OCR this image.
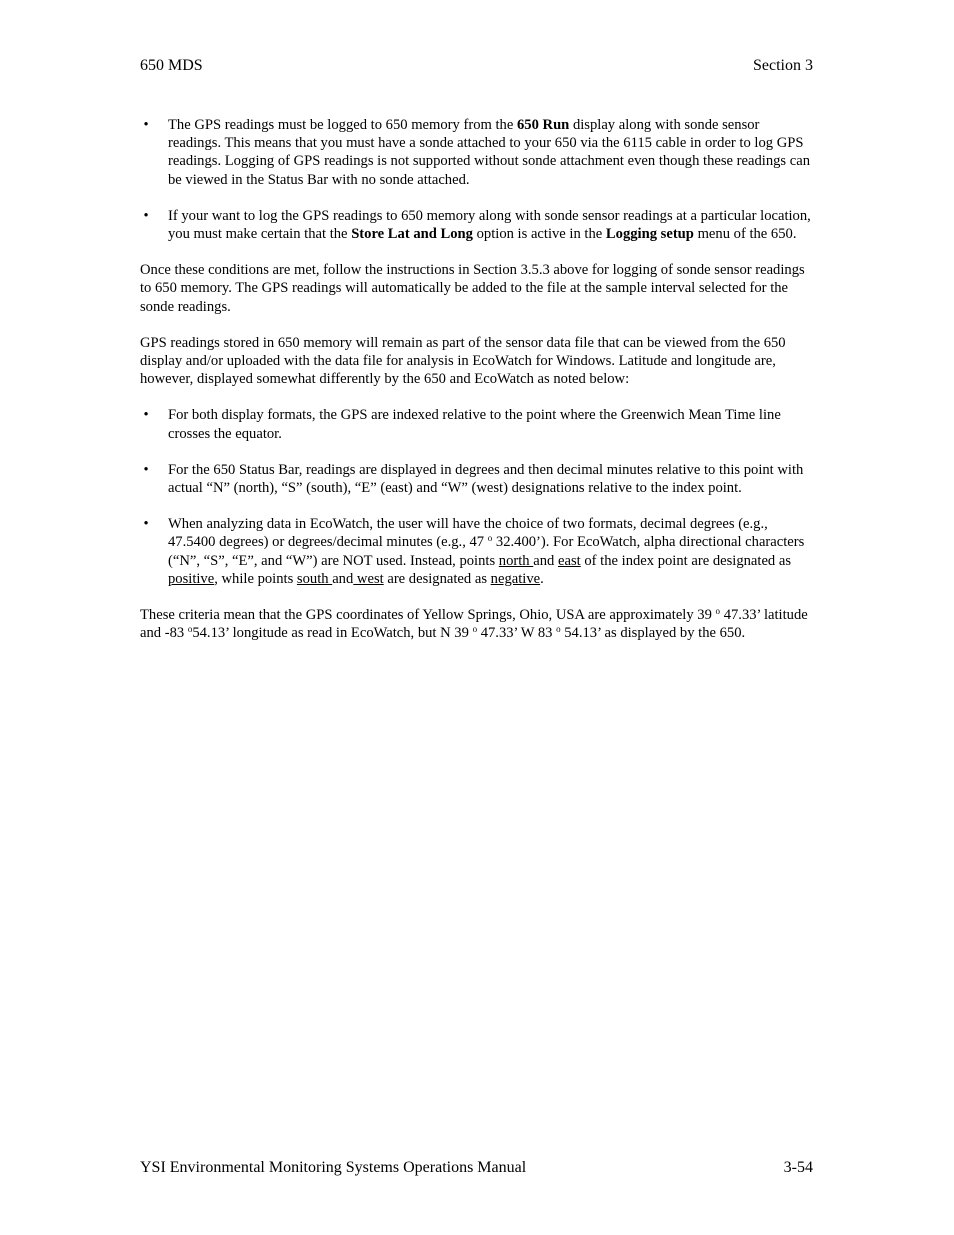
650 MDS	Section 3
• The GPS readings must be logged to 650 memory from the 650 Run display along with sonde sensor readings. This means that you must have a sonde attached to your 650 via the 6115 cable in order to log GPS readings. Logging of GPS readings is not supported without sonde attachment even though these readings can be viewed in the Status Bar with no sonde attached.
• If your want to log the GPS readings to 650 memory along with sonde sensor readings at a particular location, you must make certain that the Store Lat and Long option is active in the Logging setup menu of the 650.

Once these conditions are met, follow the instructions in Section 3.5.3 above for logging of sonde sensor readings to 650 memory. The GPS readings will automatically be added to the file at the sample interval selected for the sonde readings.

GPS readings stored in 650 memory will remain as part of the sensor data file that can be viewed from the 650 display and/or uploaded with the data file for analysis in EcoWatch for Windows. Latitude and longitude are, however, displayed somewhat differently by the 650 and EcoWatch as noted below:

• For both display formats, the GPS are indexed relative to the point where the Greenwich Mean Time line crosses the equator.
• For the 650 Status Bar, readings are displayed in degrees and then decimal minutes relative to this point with actual “N” (north), “S” (south), “E” (east) and “W” (west) designations relative to the index point.
• When analyzing data in EcoWatch, the user will have the choice of two formats, decimal degrees (e.g., 47.5400 degrees) or degrees/decimal minutes (e.g., 47 $^o$ 32.400’). For EcoWatch, alpha directional characters (“N”, “S”, “E”, and “W”) are NOT used. Instead, points north and east of the index point are designated as positive, while points south and west are designated as negative.

These criteria mean that the GPS coordinates of Yellow Springs, Ohio, USA are approximately 39 $^o$ 47.33’ latitude and -83 $^o$54.13’ longitude as read in EcoWatch, but N 39 $^o$ 47.33’ W 83 $^o$ 54.13’ as displayed by the 650.

YSI Environmental Monitoring Systems Operations Manual	3-54
